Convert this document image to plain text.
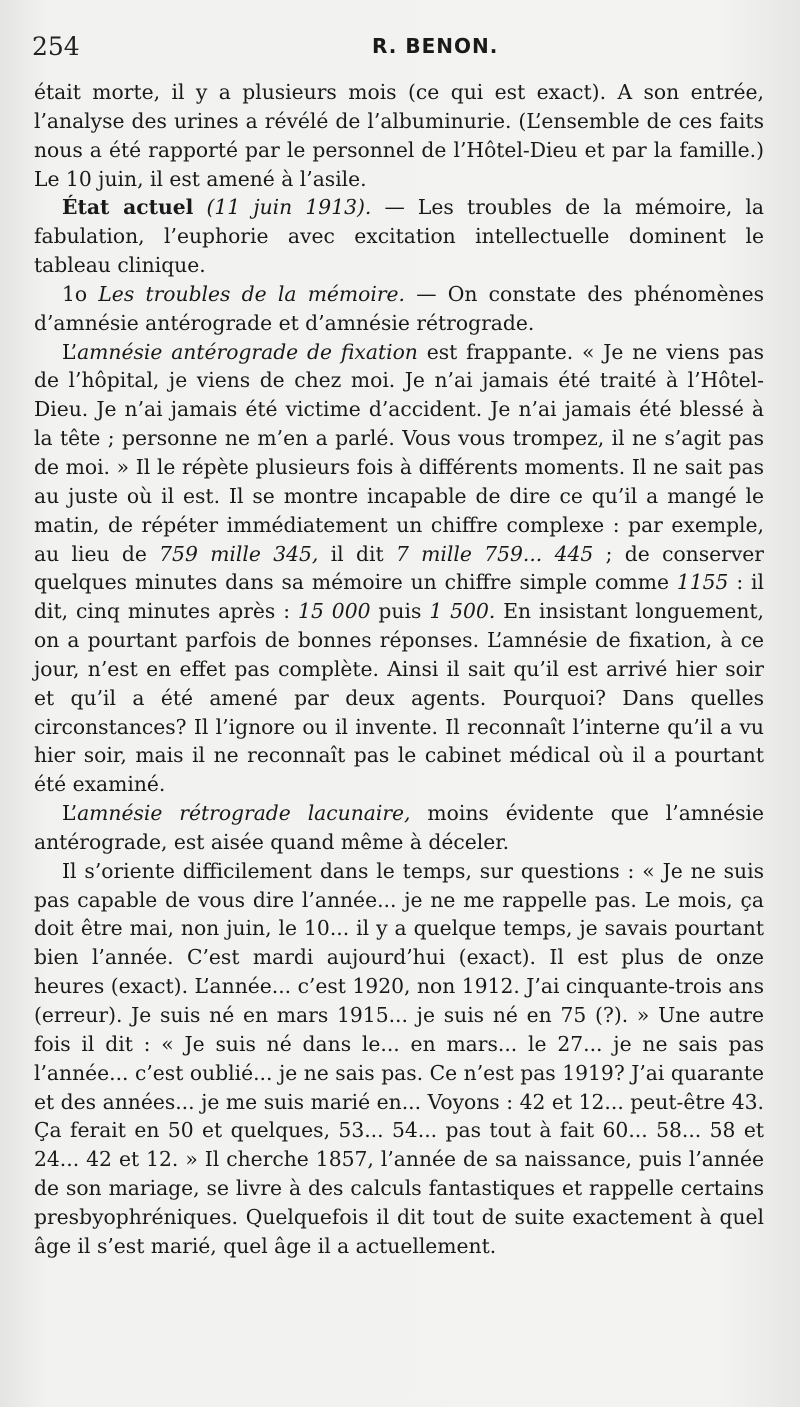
254	R. BENON.

était morte, il y a plusieurs mois (ce qui est exact). A son entrée, l’analyse des urines a révélé de l’albuminurie. (L’ensemble de ces faits nous a été rapporté par le personnel de l’Hôtel-Dieu et par la famille.) Le 10 juin, il est amené à l’asile.

État actuel (11 juin 1913). — Les troubles de la mémoire, la fabulation, l’euphorie avec excitation intellectuelle dominent le tableau clinique.

1o Les troubles de la mémoire. — On constate des phénomènes d’amnésie antérograde et d’amnésie rétrograde.

L’amnésie antérograde de fixation est frappante. « Je ne viens pas de l’hôpital, je viens de chez moi. Je n’ai jamais été traité à l’Hôtel-Dieu. Je n’ai jamais été victime d’accident. Je n’ai jamais été blessé à la tête ; personne ne m’en a parlé. Vous vous trompez, il ne s’agit pas de moi. » Il le répète plusieurs fois à différents moments. Il ne sait pas au juste où il est. Il se montre incapable de dire ce qu’il a mangé le matin, de répéter immédiatement un chiffre complexe : par exemple, au lieu de 759 mille 345, il dit 7 mille 759... 445 ; de conserver quelques minutes dans sa mémoire un chiffre simple comme 1155 : il dit, cinq minutes après : 15 000 puis 1 500. En insistant longuement, on a pourtant parfois de bonnes réponses. L’amnésie de fixation, à ce jour, n’est en effet pas complète. Ainsi il sait qu’il est arrivé hier soir et qu’il a été amené par deux agents. Pourquoi? Dans quelles circonstances? Il l’ignore ou il invente. Il reconnaît l’interne qu’il a vu hier soir, mais il ne reconnaît pas le cabinet médical où il a pourtant été examiné.

L’amnésie rétrograde lacunaire, moins évidente que l’amnésie antérograde, est aisée quand même à déceler.

Il s’oriente difficilement dans le temps, sur questions : « Je ne suis pas capable de vous dire l’année... je ne me rappelle pas. Le mois, ça doit être mai, non juin, le 10... il y a quelque temps, je savais pourtant bien l’année. C’est mardi aujourd’hui (exact). Il est plus de onze heures (exact). L’année... c’est 1920, non 1912. J’ai cinquante-trois ans (erreur). Je suis né en mars 1915... je suis né en 75 (?). » Une autre fois il dit : « Je suis né dans le... en mars... le 27... je ne sais pas l’année... c’est oublié... je ne sais pas. Ce n’est pas 1919? J’ai quarante et des années... je me suis marié en... Voyons : 42 et 12... peut-être 43. Ça ferait en 50 et quelques, 53... 54... pas tout à fait 60... 58... 58 et 24... 42 et 12. » Il cherche 1857, l’année de sa naissance, puis l’année de son mariage, se livre à des calculs fantastiques et rappelle certains presbyophréniques. Quelquefois il dit tout de suite exactement à quel âge il s’est marié, quel âge il a actuellement.
